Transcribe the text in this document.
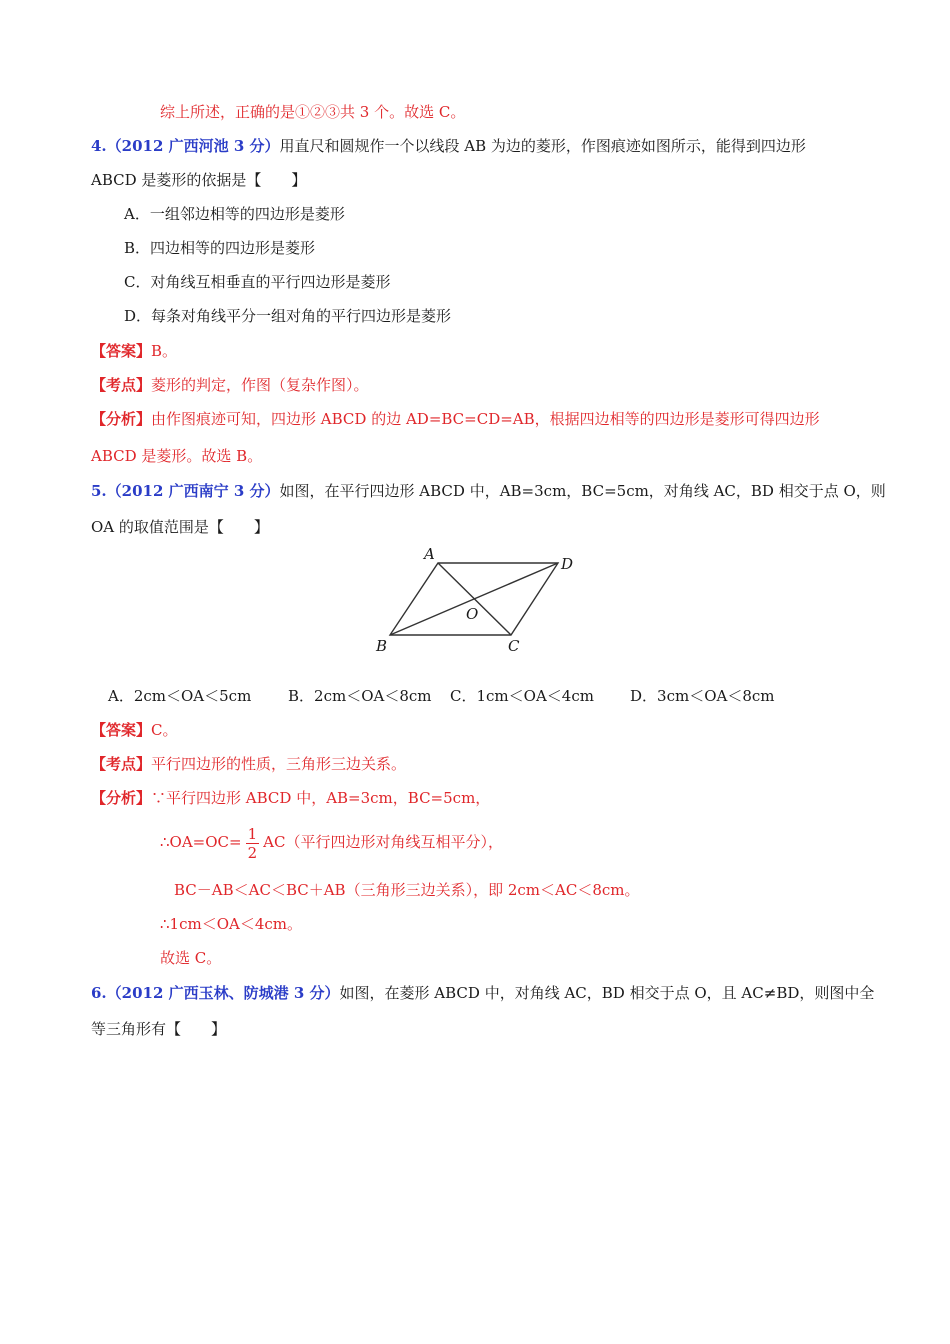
综上所述，正确的是①②③共 3 个。故选 C。
4.（2012 广西河池 3 分）用直尺和圆规作一个以线段 AB 为边的菱形，作图痕迹如图所示，能得到四边形
ABCD 是菱形的依据是【　　】
A．一组邻边相等的四边形是菱形
B．四边相等的四边形是菱形
C．对角线互相垂直的平行四边形是菱形
D．每条对角线平分一组对角的平行四边形是菱形
【答案】B。
【考点】菱形的判定，作图（复杂作图）。
【分析】由作图痕迹可知，四边形 ABCD 的边 AD=BC=CD=AB，根据四边相等的四边形是菱形可得四边形
ABCD 是菱形。故选 B。
5.（2012 广西南宁 3 分）如图，在平行四边形 ABCD 中，AB=3cm，BC=5cm，对角线 AC，BD 相交于点 O，则
OA 的取值范围是【　　】
A
D
O
B	C
A．2cm＜OA＜5cm B．2cm＜OA＜8cm C．1cm＜OA＜4cm D．3cm＜OA＜8cm
【答案】C。
【考点】平行四边形的性质，三角形三边关系。
【分析】∵平行四边形 ABCD 中，AB=3cm，BC=5cm，
∴OA=OC= $\frac{1}{2} AC$（平行四边形对角线互相平分），
BC－AB＜AC＜BC＋AB（三角形三边关系），即 2cm＜AC＜8cm。
∴1cm＜OA＜4cm。
故选 C。
6.（2012 广西玉林、防城港 3 分）如图，在菱形 ABCD 中，对角线 AC，BD 相交于点 O，且 AC≠BD，则图中全
等三角形有【　　】
